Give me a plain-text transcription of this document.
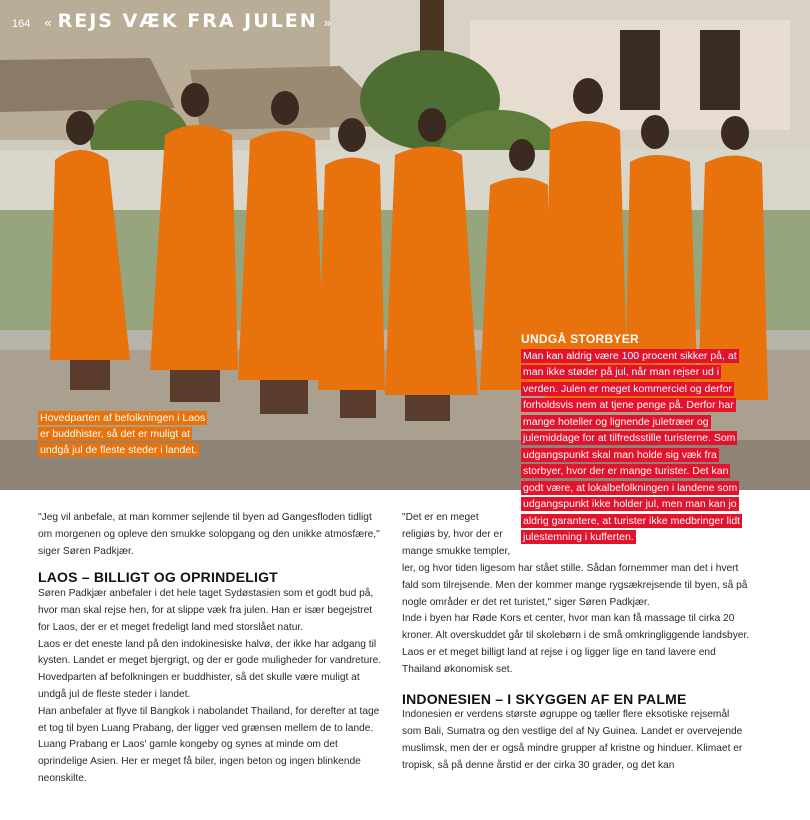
164 « REJS VÆK FRA JULEN »
Hovedparten af befolkningen i Laos er buddhister, så det er muligt at undgå jul de fleste steder i landet.
UNDGÅ STORBYER
Man kan aldrig være 100 procent sikker på, at man ikke støder på jul, når man rejser ud i verden. Julen er meget kommerciel og derfor forholdsvis nem at tjene penge på. Derfor har mange hoteller og lignende juletræer og julemiddage for at tilfredsstille turisterne. Som udgangspunkt skal man holde sig væk fra storbyer, hvor der er mange turister. Det kan godt være, at lokalbefolkningen i landene som udgangspunkt ikke holder jul, men man kan jo aldrig garantere, at turister ikke medbringer lidt julestemning i kufferten.

"Jeg vil anbefale, at man kommer sejlende til byen ad Gangesfloden tidligt om morgenen og opleve den smukke solopgang og den unikke atmosfære," siger Søren Padkjær.

LAOS – BILLIGT OG OPRINDELIGT

Søren Padkjær anbefaler i det hele taget Sydøstasien som et godt bud på, hvor man skal rejse hen, for at slippe væk fra julen. Han er især begejstret for Laos, der er et meget fredeligt land med storslået natur.

Laos er det eneste land på den indokinesiske halvø, der ikke har adgang til kysten. Landet er meget bjergrigt, og der er gode muligheder for vandreture. Hovedparten af befolkningen er buddhister, så det skulle være muligt at undgå jul de fleste steder i landet.

Han anbefaler at flyve til Bangkok i nabolandet Thailand, for derefter at tage et tog til byen Luang Prabang, der ligger ved grænsen mellem de to lande. Luang Prabang er Laos' gamle kongeby og synes at minde om det oprindelige Asien. Her er meget få biler, ingen beton og ingen blinkende neonskilte.

"Det er en meget religiøs by, hvor der er mange smukke templer,

ler, og hvor tiden ligesom har stået stille. Sådan fornemmer man det i hvert fald som tilrejsende. Men der kommer mange rygsækrejsende til byen, så på nogle områder er det ret turistet," siger Søren Padkjær.

Inde i byen har Røde Kors et center, hvor man kan få massage til cirka 20 kroner. Alt overskuddet går til skolebørn i de små omkringliggende landsbyer. Laos er et meget billigt land at rejse i og ligger lige en tand lavere end Thailand økonomisk set.

INDONESIEN – I SKYGGEN AF EN PALME

Indonesien er verdens største øgruppe og tæller flere eksotiske rejsemål som Bali, Sumatra og den vestlige del af Ny Guinea. Landet er overvejende muslimsk, men der er også mindre grupper af kristne og hinduer. Klimaet er tropisk, så på denne årstid er der cirka 30 grader, og det kan
